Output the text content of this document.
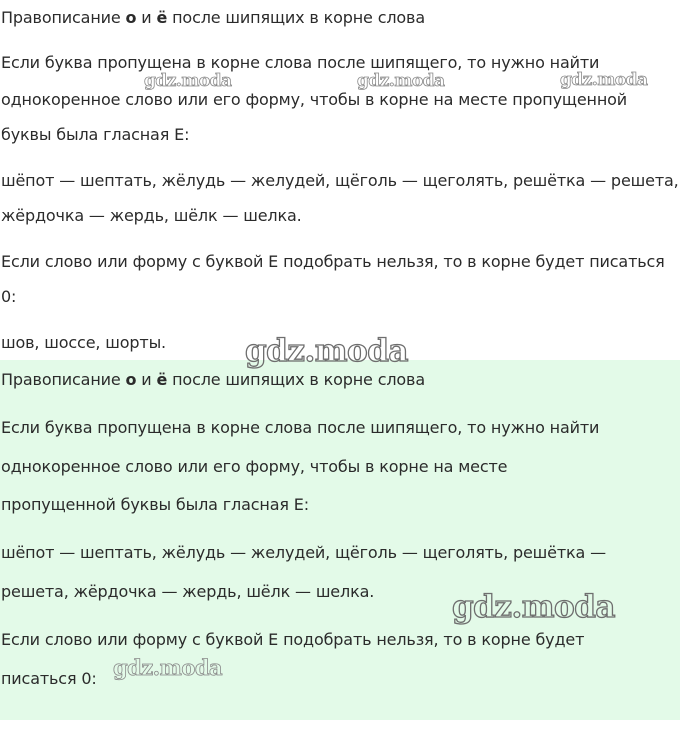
Правописание о и ё после шипящих в корне слова
Если буква пропущена в корне слова после шипящего, то нужно найти
однокоренное слово или его форму, чтобы в корне на месте пропущенной
буквы была гласная Е:
шёпот — шептать, жёлудь — желудей, щёголь — щеголять, решётка — решета,
жёрдочка — жердь, шёлк — шелка.
Если слово или форму с буквой Е подобрать нельзя, то в корне будет писаться
0:
шов, шоссе, шорты.
Правописание о и ё после шипящих в корне слова
Если буква пропущена в корне слова после шипящего, то нужно найти
однокоренное слово или его форму, чтобы в корне на месте
пропущенной буквы была гласная Е:
шёпот — шептать, жёлудь — желудей, щёголь — щеголять, решётка —
решета, жёрдочка — жердь, шёлк — шелка.
Если слово или форму с буквой Е подобрать нельзя, то в корне будет
писаться 0:
gdz.moda	gdz.moda	gdz.moda
gdz.moda
